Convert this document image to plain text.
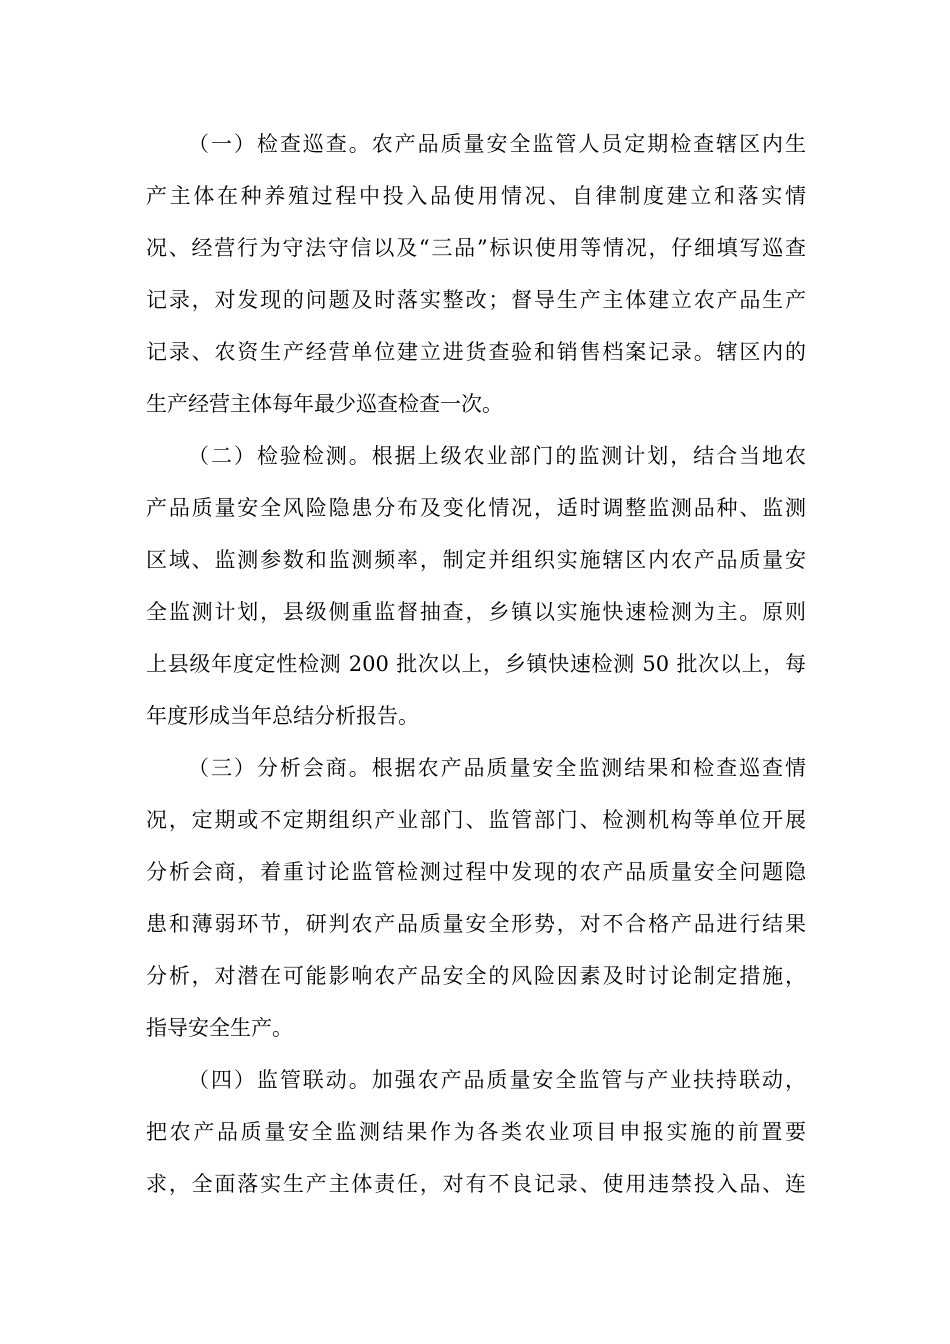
（一）检查巡查。农产品质量安全监管人员定期检查辖区内生
产主体在种养殖过程中投入品使用情况、自律制度建立和落实情
况、经营行为守法守信以及“三品”标识使用等情况，仔细填写巡查
记录，对发现的问题及时落实整改；督导生产主体建立农产品生产
记录、农资生产经营单位建立进货查验和销售档案记录。辖区内的
生产经营主体每年最少巡查检查一次。
（二）检验检测。根据上级农业部门的监测计划，结合当地农
产品质量安全风险隐患分布及变化情况，适时调整监测品种、监测
区域、监测参数和监测频率，制定并组织实施辖区内农产品质量安
全监测计划，县级侧重监督抽查，乡镇以实施快速检测为主。原则
上县级年度定性检测 200 批次以上，乡镇快速检测 50 批次以上，每
年度形成当年总结分析报告。
（三）分析会商。根据农产品质量安全监测结果和检查巡查情
况，定期或不定期组织产业部门、监管部门、检测机构等单位开展
分析会商，着重讨论监管检测过程中发现的农产品质量安全问题隐
患和薄弱环节，研判农产品质量安全形势，对不合格产品进行结果
分析，对潜在可能影响农产品安全的风险因素及时讨论制定措施，
指导安全生产。
（四）监管联动。加强农产品质量安全监管与产业扶持联动，
把农产品质量安全监测结果作为各类农业项目申报实施的前置要
求，全面落实生产主体责任，对有不良记录、使用违禁投入品、连
